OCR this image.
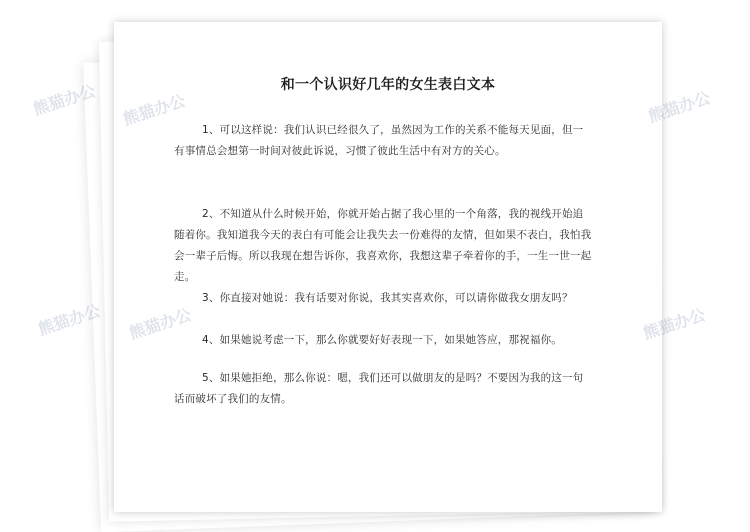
和一个认识好几年的女生表白文本

1、可以这样说：我们认识已经很久了，虽然因为工作的关系不能每天见面，但一有事情总会想第一时间对彼此诉说，习惯了彼此生活中有对方的关心。

2、不知道从什么时候开始，你就开始占据了我心里的一个角落，我的视线开始追随着你。我知道我今天的表白有可能会让我失去一份难得的友情，但如果不表白，我怕我会一辈子后悔。所以我现在想告诉你，我喜欢你，我想这辈子牵着你的手，一生一世一起走。

3、你直接对她说：我有话要对你说，我其实喜欢你，可以请你做我女朋友吗？

4、如果她说考虑一下，那么你就要好好表现一下，如果她答应，那祝福你。

5、如果她拒绝，那么你说：嗯，我们还可以做朋友的是吗？不要因为我的这一句话而破坏了我们的友情。

熊猫办公	熊猫办公
熊猫办公	熊猫办公
